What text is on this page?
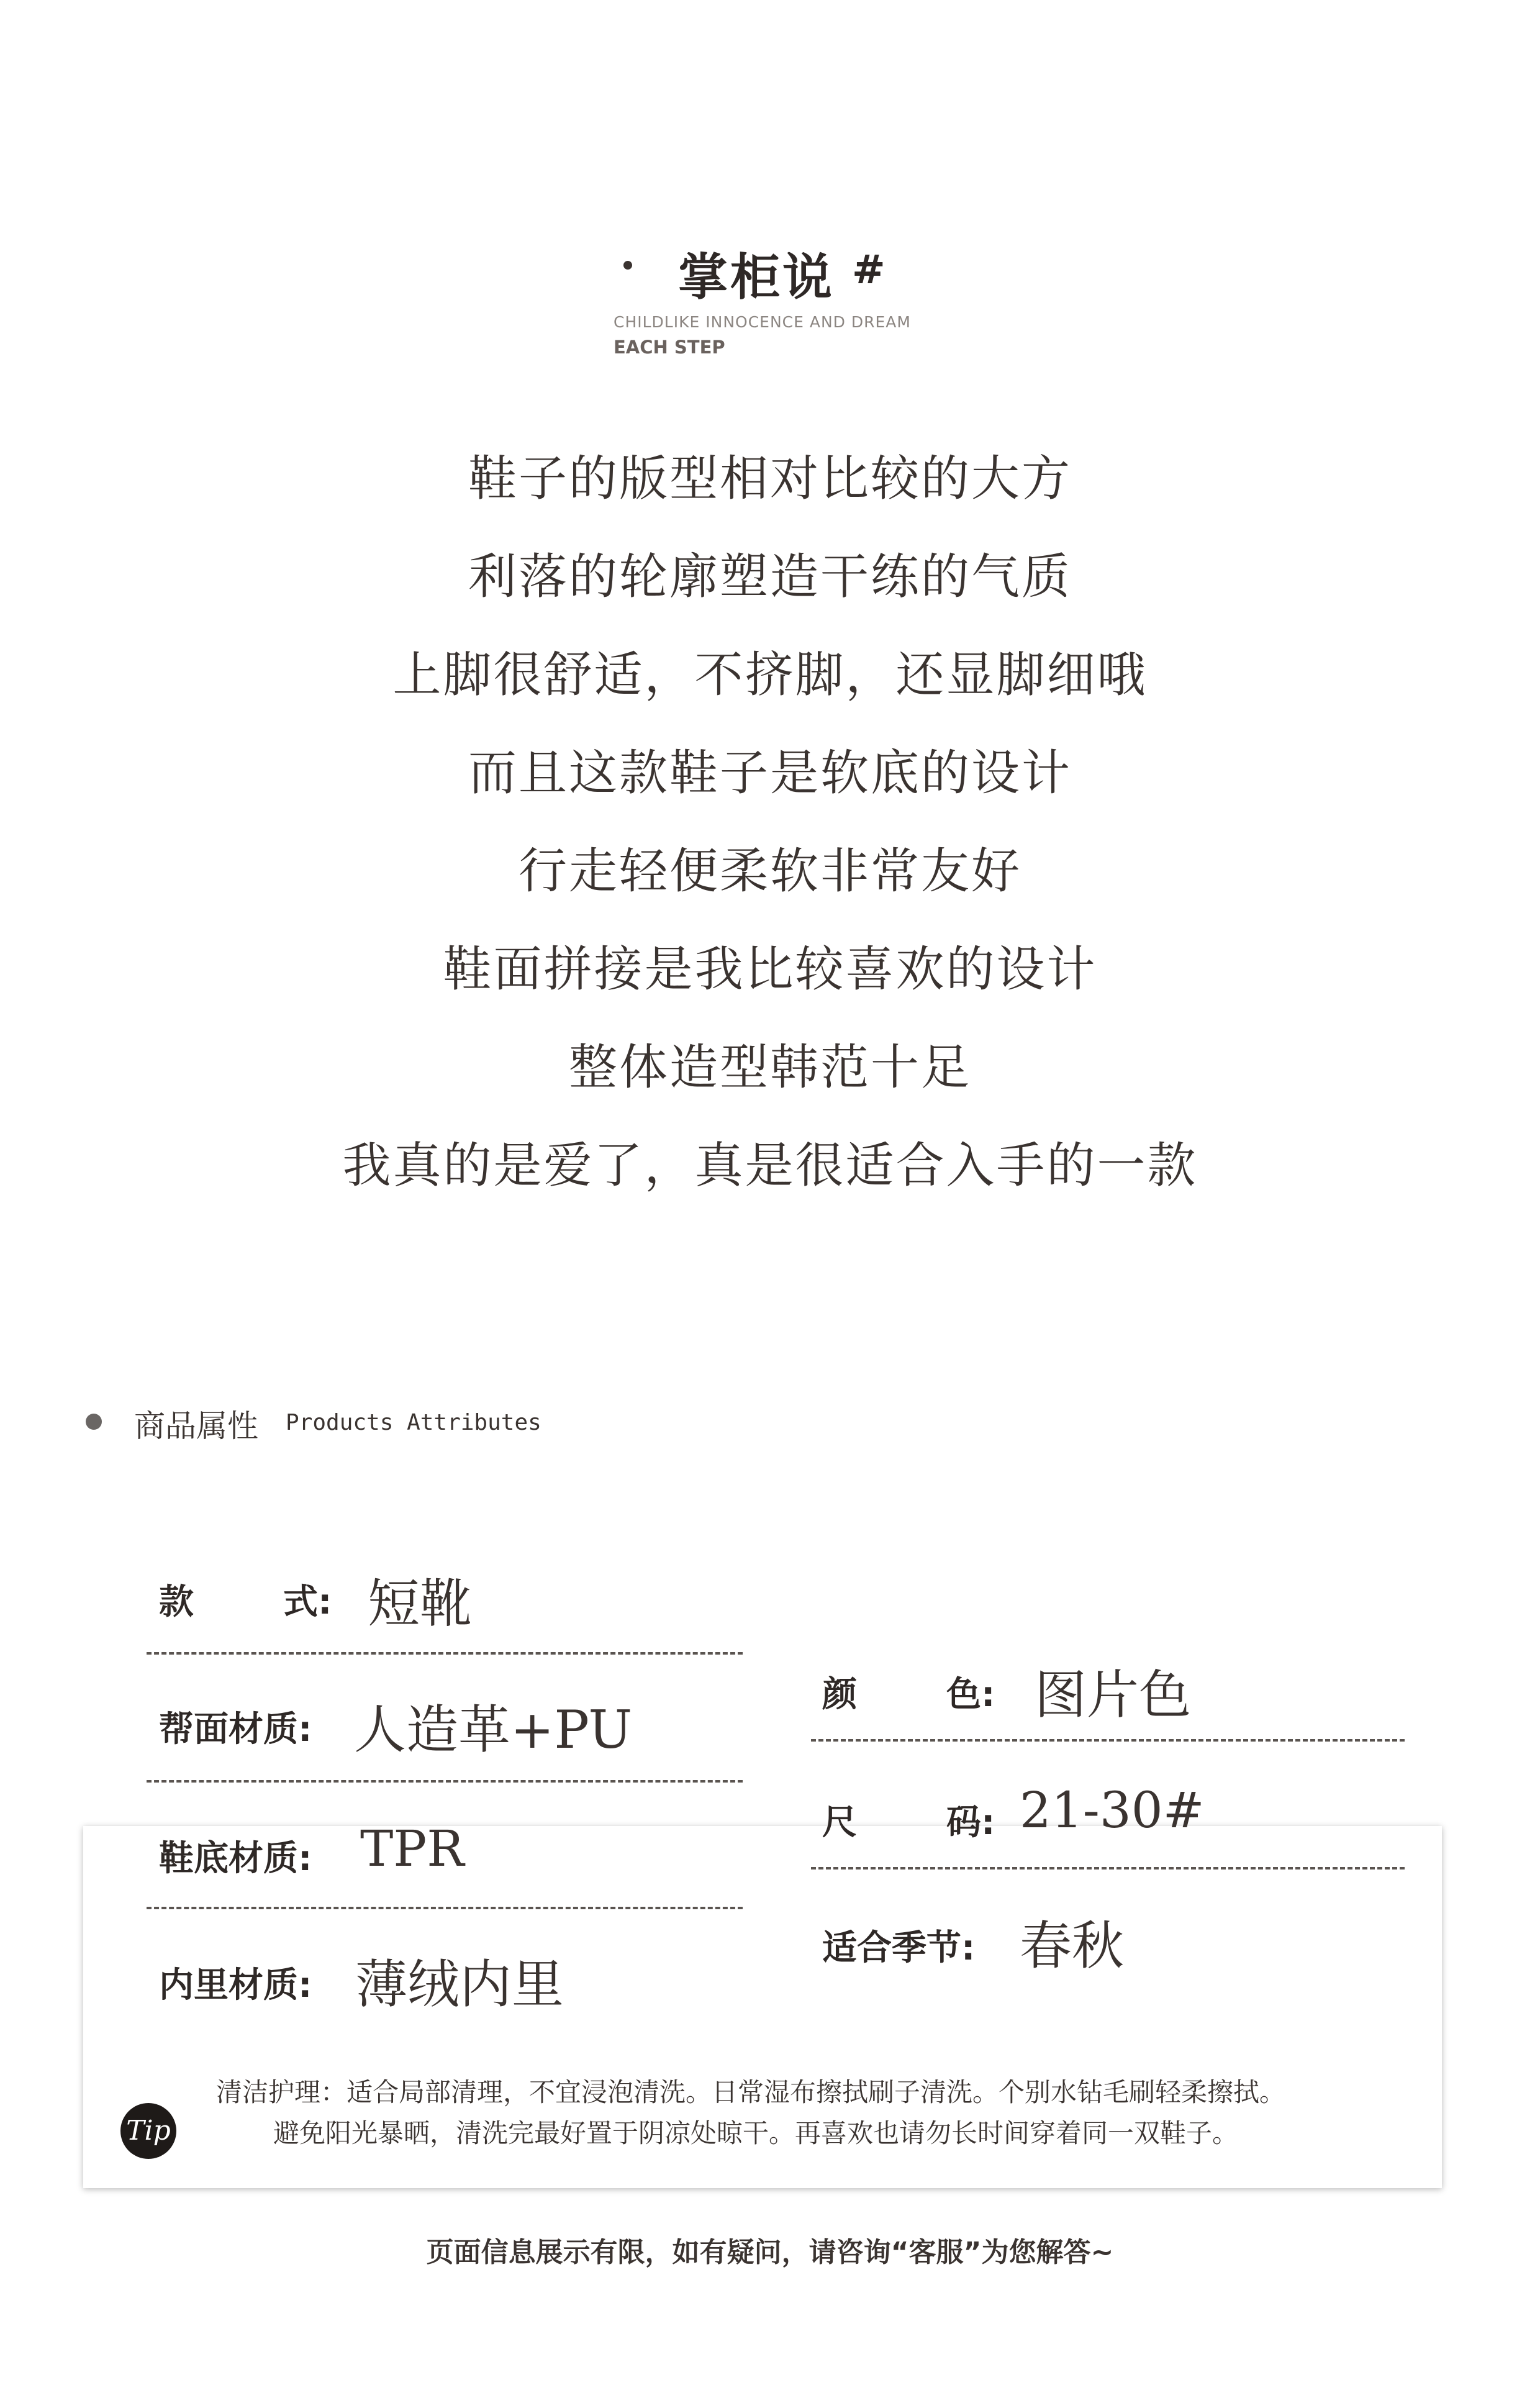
掌柜说 #
CHILDLIKE INNOCENCE AND DREAM
EACH STEP
鞋子的版型相对比较的大方
利落的轮廓塑造干练的气质
上脚很舒适，不挤脚，还显脚细哦
而且这款鞋子是软底的设计
行走轻便柔软非常友好
鞋面拼接是我比较喜欢的设计
整体造型韩范十足
我真的是爱了，真是很适合入手的一款
商品属性 Products Attributes
款	式: 短靴
帮面材质: 人造革+PU
鞋底材质: TPR
内里材质: 薄绒内里
颜	色: 图片色
尺	码: 21-30#
适合季节: 春秋
Tip
清洁护理：适合局部清理，不宜浸泡清洗。日常湿布擦拭刷子清洗。个别水钻毛刷轻柔擦拭。
避免阳光暴晒，清洗完最好置于阴凉处晾干。再喜欢也请勿长时间穿着同一双鞋子。
页面信息展示有限，如有疑问，请咨询“客服”为您解答~
